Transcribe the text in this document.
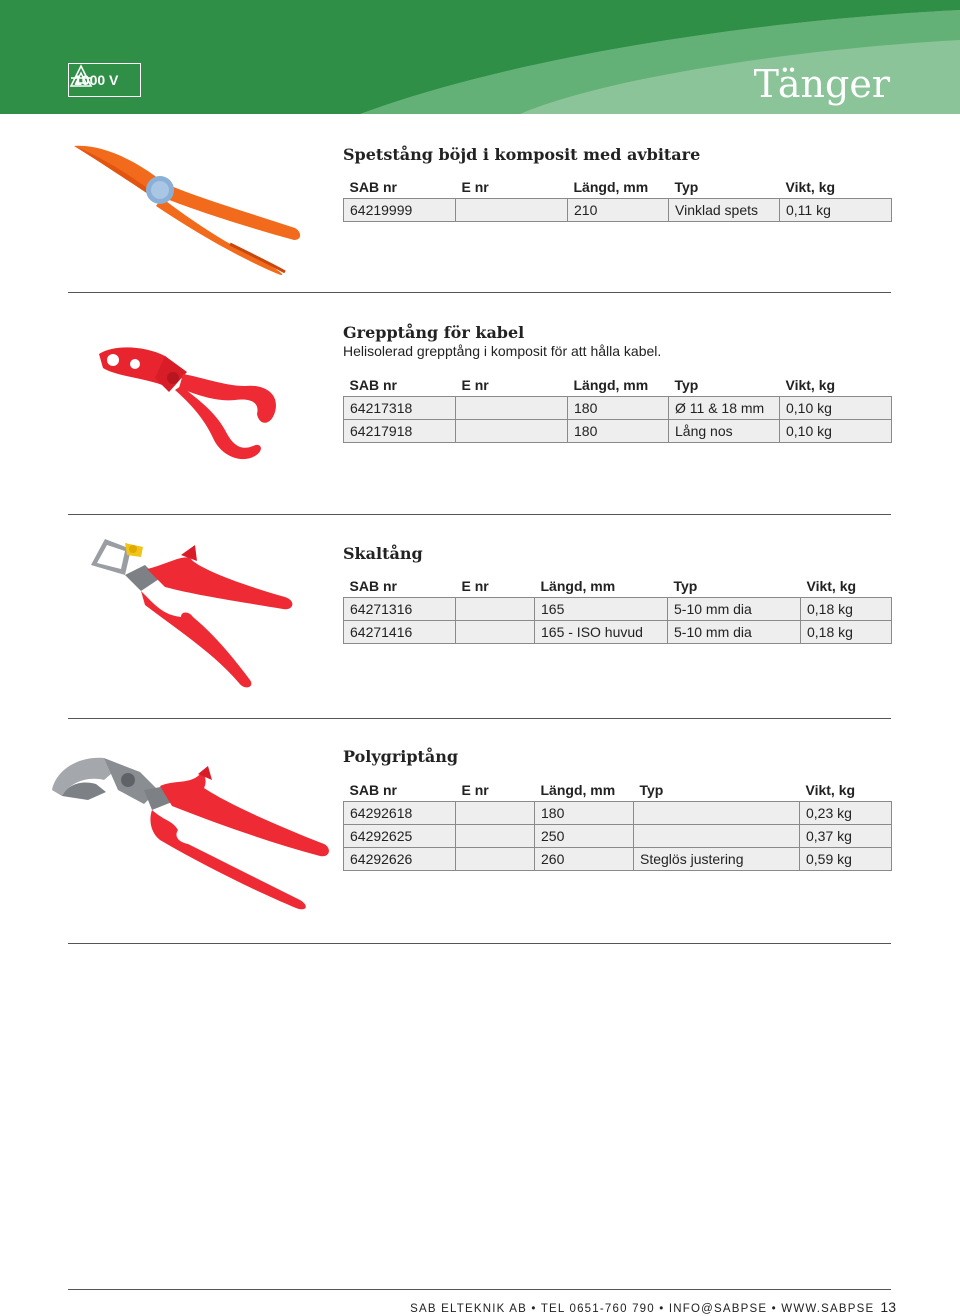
1000 V	Tänger
Spetstång böjd i komposit med avbitare
SAB nr	E nr	Längd, mm	Typ	Vikt, kg
64219999		210	Vinklad spets	0,11 kg
Grepptång för kabel
Helisolerad grepptång i komposit för att hålla kabel.
SAB nr	E nr	Längd, mm	Typ	Vikt, kg
64217318		180	Ø 11 & 18 mm	0,10 kg
64217918		180	Lång nos	0,10 kg
Skaltång
SAB nr	E nr	Längd, mm	Typ	Vikt, kg
64271316		165	5-10 mm dia	0,18 kg
64271416		165 - ISO huvud	5-10 mm dia	0,18 kg
Polygriptång
SAB nr	E nr	Längd, mm	Typ	Vikt, kg
64292618		180		0,23 kg
64292625		250		0,37 kg
64292626		260	Steglös justering	0,59 kg
SAB ELTEKNIK AB • TEL 0651-760 790 • INFO@SABPSE • WWW.SABPSE 13
